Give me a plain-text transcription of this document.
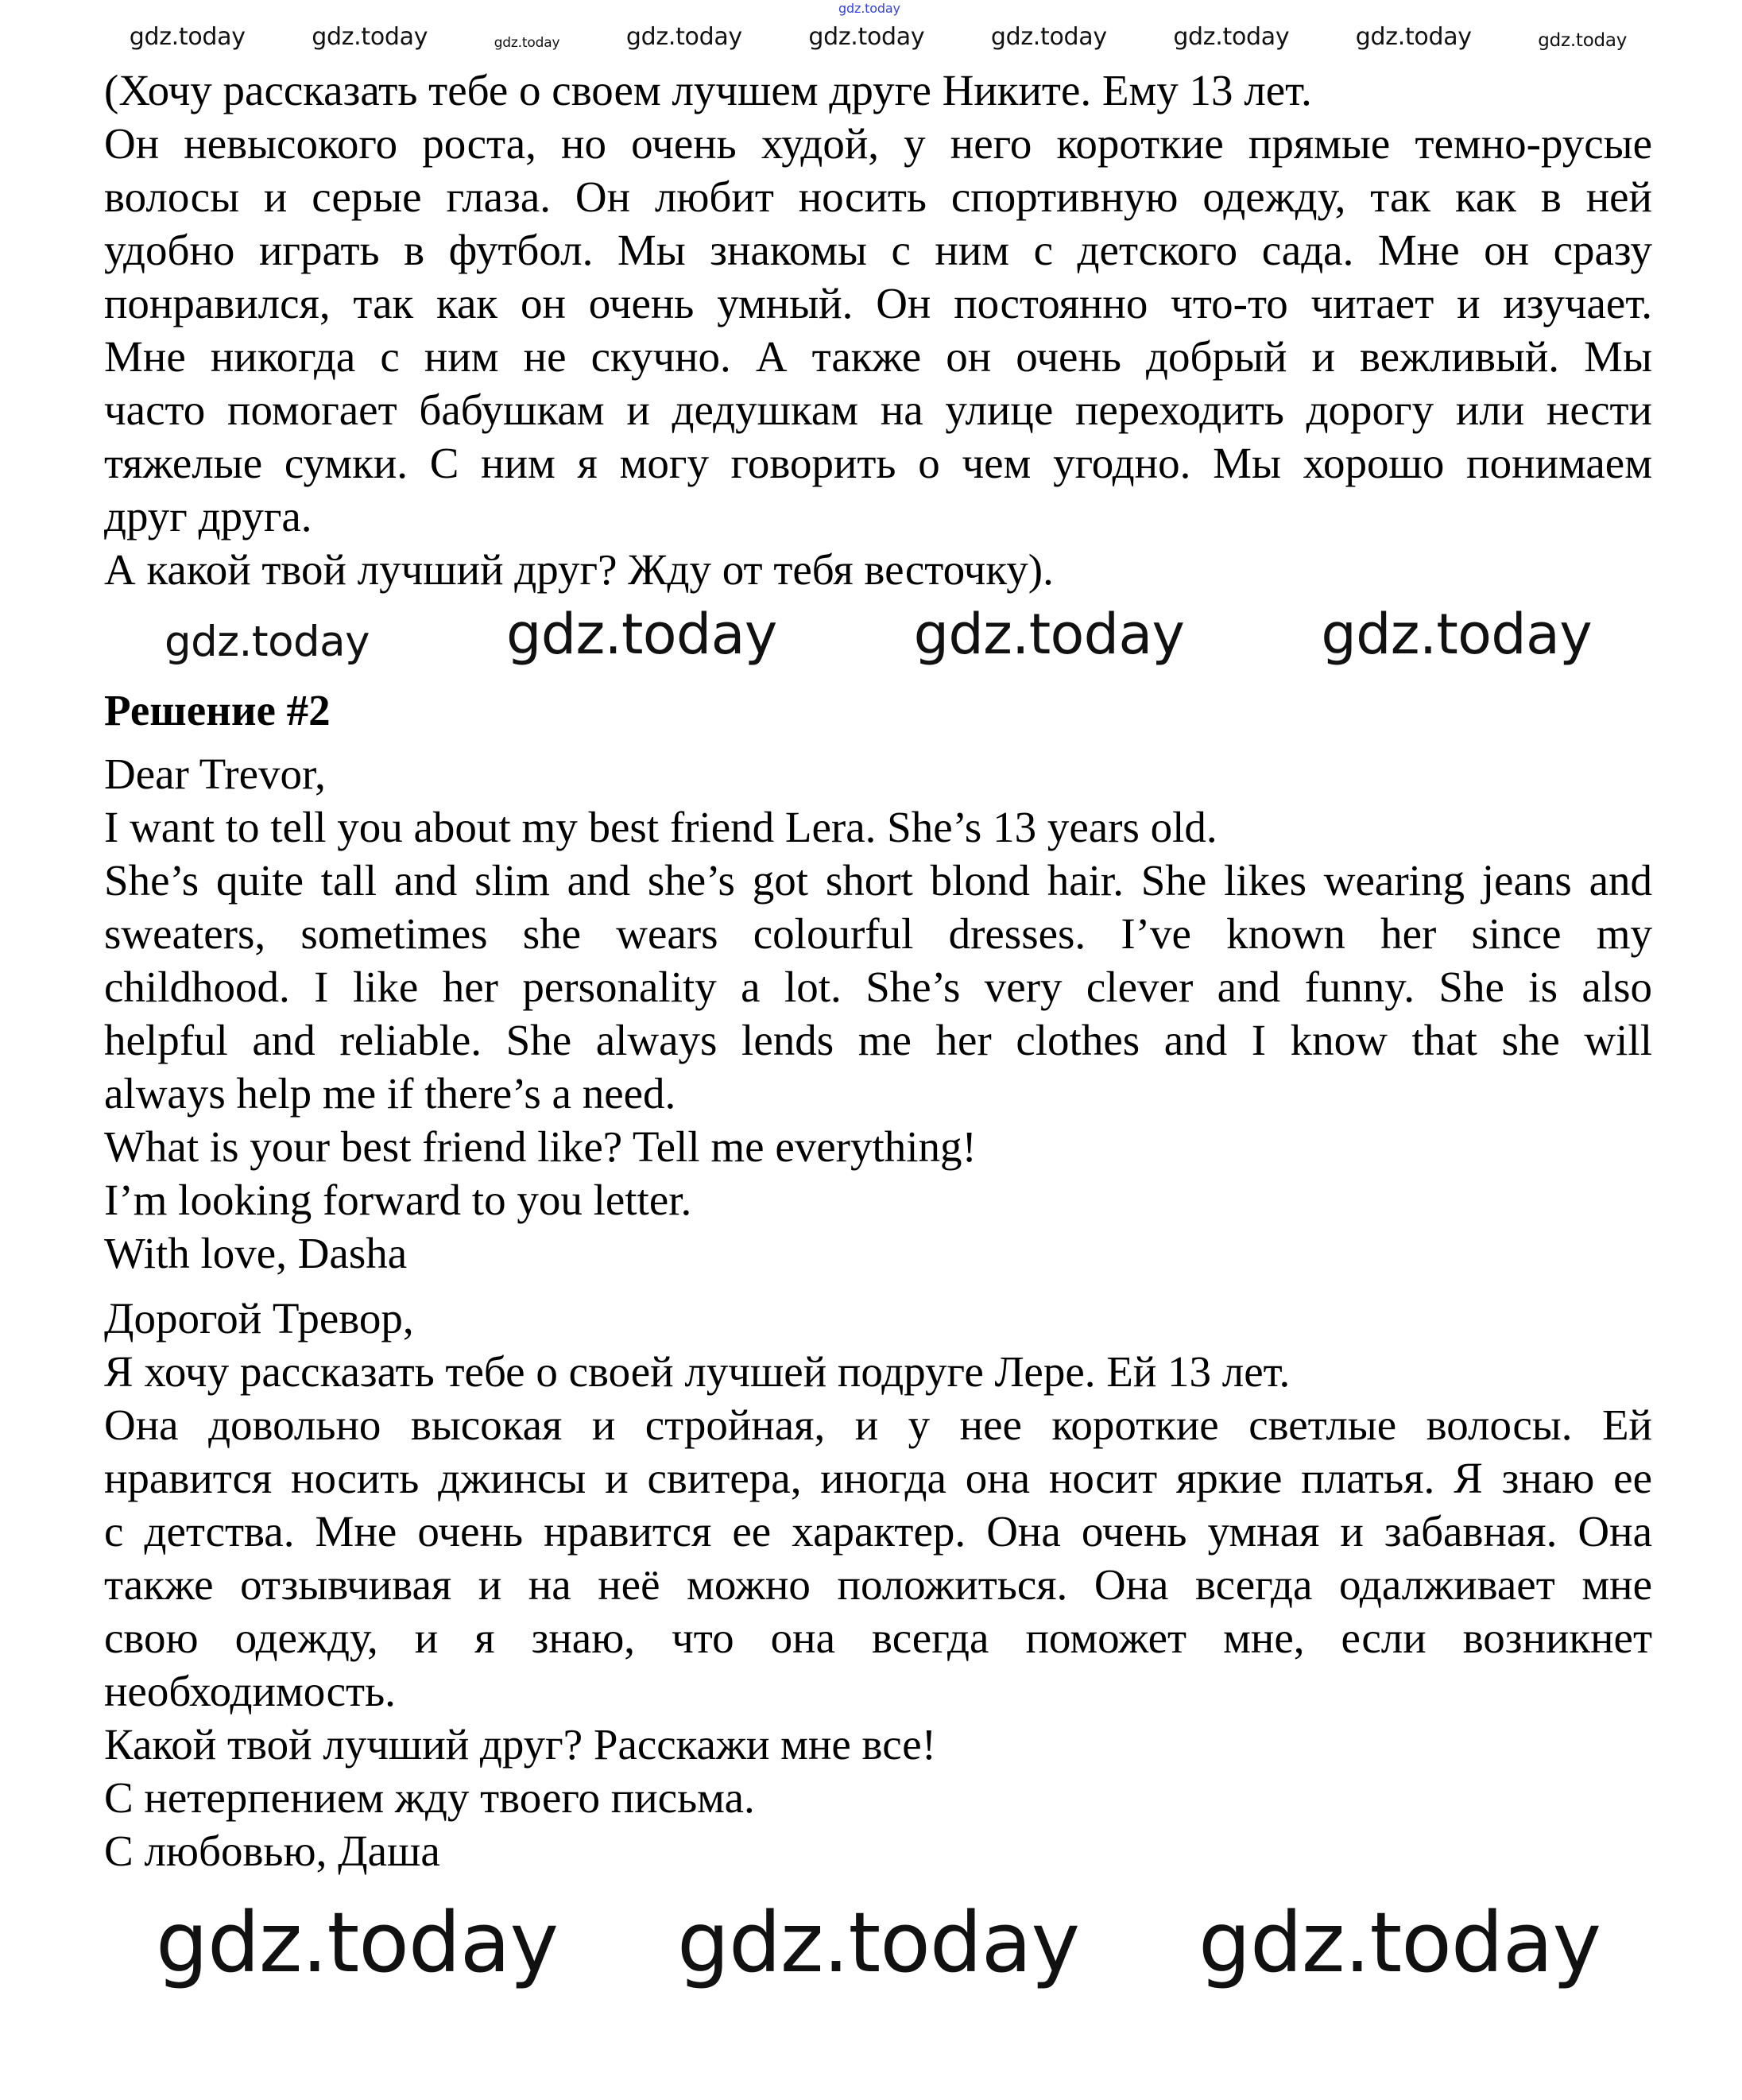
gdz.today
gdz.today	gdz.today	gdz.today	gdz.today	gdz.today	gdz.today	gdz.today	gdz.today	gdz.today
(Хочу рассказать тебе о своем лучшем друге Никите. Ему 13 лет.
Он невысокого роста, но очень худой, у него короткие прямые темно-русые
волосы и серые глаза. Он любит носить спортивную одежду, так как в ней
удобно играть в футбол. Мы знакомы с ним с детского сада. Мне он сразу
понравился, так как он очень умный. Он постоянно что-то читает и изучает.
Мне никогда с ним не скучно. А также он очень добрый и вежливый. Мы
часто помогает бабушкам и дедушкам на улице переходить дорогу или нести
тяжелые сумки. С ним я могу говорить о чем угодно. Мы хорошо понимаем
друг друга.
А какой твой лучший друг? Жду от тебя весточку).
gdz.today gdz.today gdz.today gdz.today
Решение #2
Dear Trevor,
I want to tell you about my best friend Lera. She’s 13 years old.
She’s quite tall and slim and she’s got short blond hair. She likes wearing jeans and
sweaters, sometimes she wears colourful dresses. I’ve known her since my
childhood. I like her personality a lot. She’s very clever and funny. She is also
helpful and reliable. She always lends me her clothes and I know that she will
always help me if there’s a need.
What is your best friend like? Tell me everything!
I’m looking forward to you letter.
With love, Dasha
Дорогой Тревор,
Я хочу рассказать тебе о своей лучшей подруге Лере. Ей 13 лет.
Она довольно высокая и стройная, и у нее короткие светлые волосы. Ей
нравится носить джинсы и свитера, иногда она носит яркие платья. Я знаю ее
с детства. Мне очень нравится ее характер. Она очень умная и забавная. Она
также отзывчивая и на неё можно положиться. Она всегда одалживает мне
свою одежду, и я знаю, что она всегда поможет мне, если возникнет
необходимость.
Какой твой лучший друг? Расскажи мне все!
С нетерпением жду твоего письма.
С любовью, Даша
gdz.today gdz.today gdz.today
